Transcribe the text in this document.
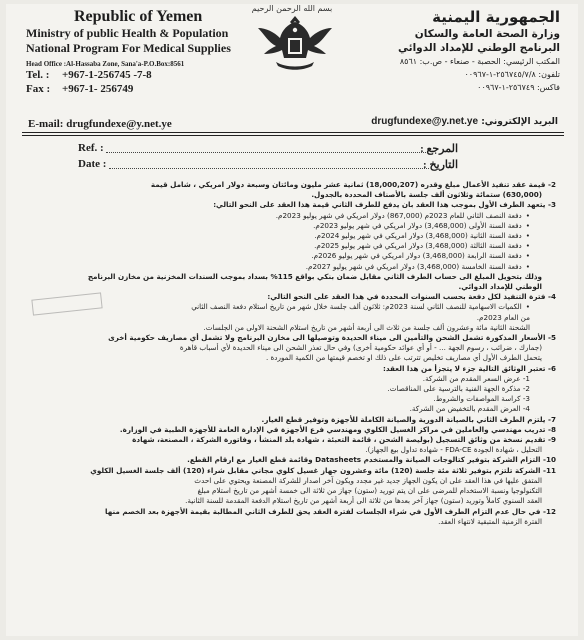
Republic of Yemen
Ministry of public Health & Population
National Program For Medical Supplies
Head Office :Al-Hassaba Zone, Sana'a-P.O.Box:8561
Tel. : +967-1-256745 -7-8
Fax : +967-1- 256749
بسم الله الرحمن الرحيم	الجمهورية اليمنية
وزارة الصحة العامة والسكان
البرنامج الوطني للإمداد الدوائي
المكتب الرئيسي: الحصبة - صنعاء - ص.ب: ٨٥٦١
تلفون: ٢٥٦٧٤٥/٧/٨-١-٠٠٩٦٧
فاكس: ٢٥٦٧٤٩-١-٠٠٩٦٧
E-mail: drugfundexe@y.net.ye	البريد الإلكتروني: drugfundexe@y.net.ye
Ref. :	المرجع :
Date :	التاريخ :
2- قيمة عقد تنفيذ الأعمال مبلغ وقدره (18,000,207) ثمانية عشر مليون ومائتان وسبعة دولار امريكي ، شامل قيمة
(630,000) ستمائة وثلاثون ألف جلسة بالأصناف المحددة بالجدول.
3- يتعهد الطرف الأول بموجب هذا العقد بان يدفع للطرف الثاني قيمة هذا العقد على النحو التالي:
• دفعة النصف الثاني للعام 2023م (867,000) دولار امريكي في شهر يوليو 2023م.
• دفعة السنة الأولى (3,468,000) دولار امريكي في شهر يوليو 2023م.
• دفعة السنة الثانية (3,468,000) دولار امريكي في شهر يوليو 2024م.
• دفعة السنة الثالثة (3,468,000) دولار امريكي في شهر يوليو 2025م.
• دفعة السنة الرابعة (3,468,000) دولار امريكي في شهر يوليو 2026م.
• دفعة السنة الخامسة (3,468,000) دولار امريكي في شهر يوليو 2027م.
وذلك بتحويل المبلغ الى حساب الطرف الثاني مقابل ضمان بنكي بواقع 115% بسداد بموجب السندات المخزنية من مخازن البرنامج
الوطني للإمداد الدوائي.
4- فترة التنفيذ لكل دفعة بحسب السنوات المحددة في هذا العقد على النحو التالي:
• الكميات الاسهامية للنصف الثاني لسنة 2023م: ثلاثون ألف جلسة خلال شهر من تاريخ استلام دفعة النصف الثاني
من العام 2023م.
الشحنة الثانية مائة وعشرون ألف جلسة من ثلاث الى أربعة أشهر من تاريخ استلام الشحنة الاولى من الجلسات.
5- الأسعار المذكورة تشمل الشحن والتأمين الى ميناء الحديدة وتوصيلها الى مخازن البرنامج ولا تشمل أي مصاريف حكومية أخرى
(جمارك ، ضرائب ، رسوم الجهة ... - أو أي عوائد حكومية أخرى) وفي حال تعذر الشحن الى ميناء الحديدة لأي أسباب قاهرة
يتحمل الطرف الأول أي مصاريف تخليص تترتب على ذلك او تخصم قيمتها من الكمية الموردة .
6- تعتبر الوثائق التالية جزء لا يتجزأ من هذا العقد:
1- عرض السعر المقدم من الشركة.
2- مذكرة الجهة الفنية بالترسية على المناقصات.
3- كراسة المواصفات والشروط.
4- العرض المقدم بالتخفيض من الشركة.
7- يلتزم الطرف الثاني بالصيانة الدورية والصيانة الكاملة للأجهزة وتوفير قطع الغيار.
8- تدريب مهندسي والعاملين في مراكز الغسيل الكلوي ومهندسي فرع الأجهزة في الإدارة العامة للأجهزة الطبية في الوزارة.
9- تقديم نسخة من وثائق التسجيل (بوليصة الشحن ، قائمة التعبئة ، شهادة بلد المنشأ ، وفاتورة الشركة ، المصنعة، شهادة
التحليل ، شهادة الجودة FDA-CE - شهادة تداول بيع الجهاز).
10- التزام الشركة بتوفير كتالوجات الصيانة والمستخدم Datasheets وقائمة قطع الغيار مع ارقام القطع.
11- الشركة تلتزم بتوفير ثلاثة مئة جلسة (120) مائة وعشرون جهاز غسيل كلوي مجاني مقابل شراء (120) ألف جلسة الغسيل الكلوي
المتفق عليها في هذا العقد على ان يكون الجهاز جديد غير مجدد ويكون آخر اصدار للشركة المصنعة ويحتوي على احدث
التكنولوجيا ونسبة الاستخدام للمرضى على ان يتم توريد (ستون) جهاز من ثلاثة الى خمسة أشهر من تاريخ استلام مبلغ
العقد السنوي كاملاً وتوريد (ستون) جهاز آخر بعدها من ثلاثة الى أربعة أشهر من تاريخ استلام الدفعة المقدمة للسنة الثانية.
12- في حال عدم التزام الطرف الأول في شراء الجلسات لفترة العقد يحق للطرف الثاني المطالبة بقيمة الأجهزة بعد الخصم منها
الفترة الزمنية المتبقية لانتهاء العقد.
